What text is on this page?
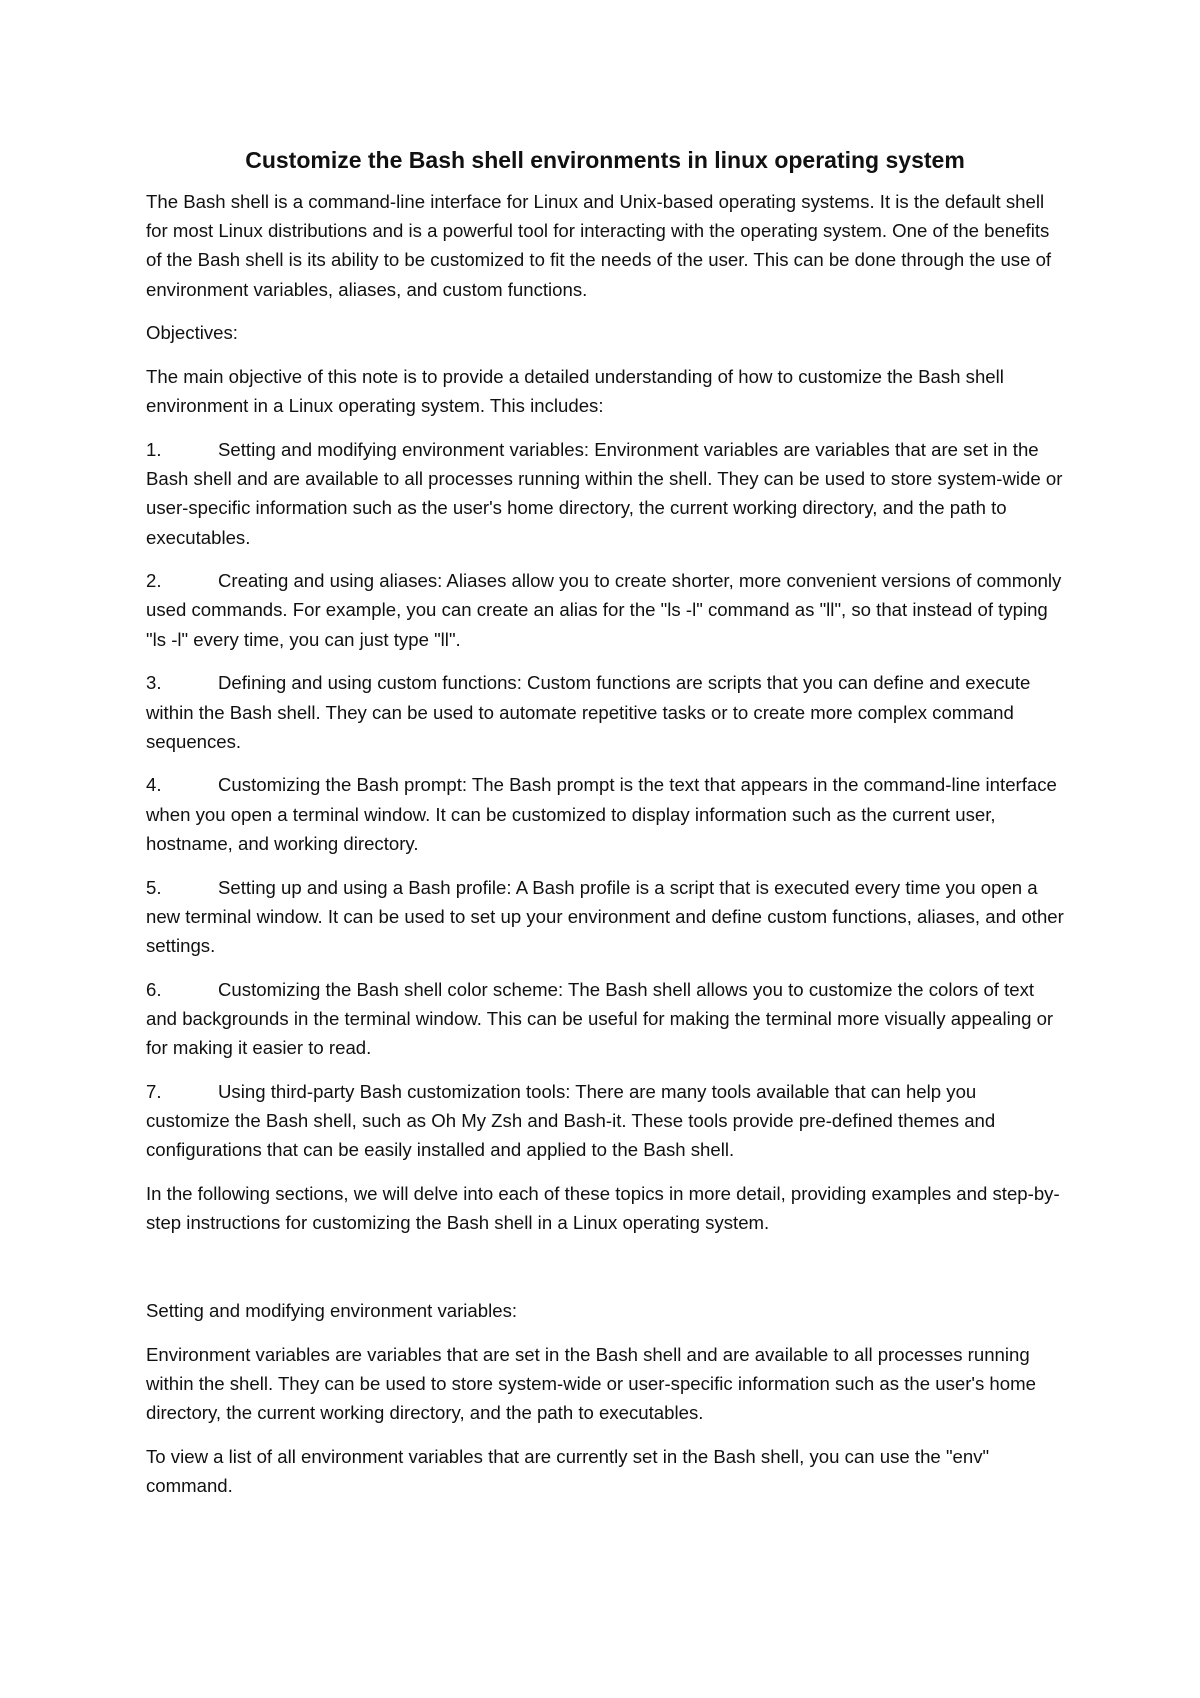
Customize the Bash shell environments in linux operating system

The Bash shell is a command-line interface for Linux and Unix-based operating systems. It is the default shell for most Linux distributions and is a powerful tool for interacting with the operating system. One of the benefits of the Bash shell is its ability to be customized to fit the needs of the user. This can be done through the use of environment variables, aliases, and custom functions.

Objectives:

The main objective of this note is to provide a detailed understanding of how to customize the Bash shell environment in a Linux operating system. This includes:

1.	Setting and modifying environment variables: Environment variables are variables that are set in the Bash shell and are available to all processes running within the shell. They can be used to store system-wide or user-specific information such as the user's home directory, the current working directory, and the path to executables.
2.	Creating and using aliases: Aliases allow you to create shorter, more convenient versions of commonly used commands. For example, you can create an alias for the "ls -l" command as "ll", so that instead of typing "ls -l" every time, you can just type "ll".
3.	Defining and using custom functions: Custom functions are scripts that you can define and execute within the Bash shell. They can be used to automate repetitive tasks or to create more complex command sequences.
4.	Customizing the Bash prompt: The Bash prompt is the text that appears in the command-line interface when you open a terminal window. It can be customized to display information such as the current user, hostname, and working directory.
5.	Setting up and using a Bash profile: A Bash profile is a script that is executed every time you open a new terminal window. It can be used to set up your environment and define custom functions, aliases, and other settings.
6.	Customizing the Bash shell color scheme: The Bash shell allows you to customize the colors of text and backgrounds in the terminal window. This can be useful for making the terminal more visually appealing or for making it easier to read.
7.	Using third-party Bash customization tools: There are many tools available that can help you customize the Bash shell, such as Oh My Zsh and Bash-it. These tools provide pre-defined themes and configurations that can be easily installed and applied to the Bash shell.

In the following sections, we will delve into each of these topics in more detail, providing examples and step-by-step instructions for customizing the Bash shell in a Linux operating system.

Setting and modifying environment variables:

Environment variables are variables that are set in the Bash shell and are available to all processes running within the shell. They can be used to store system-wide or user-specific information such as the user's home directory, the current working directory, and the path to executables.

To view a list of all environment variables that are currently set in the Bash shell, you can use the "env" command.
